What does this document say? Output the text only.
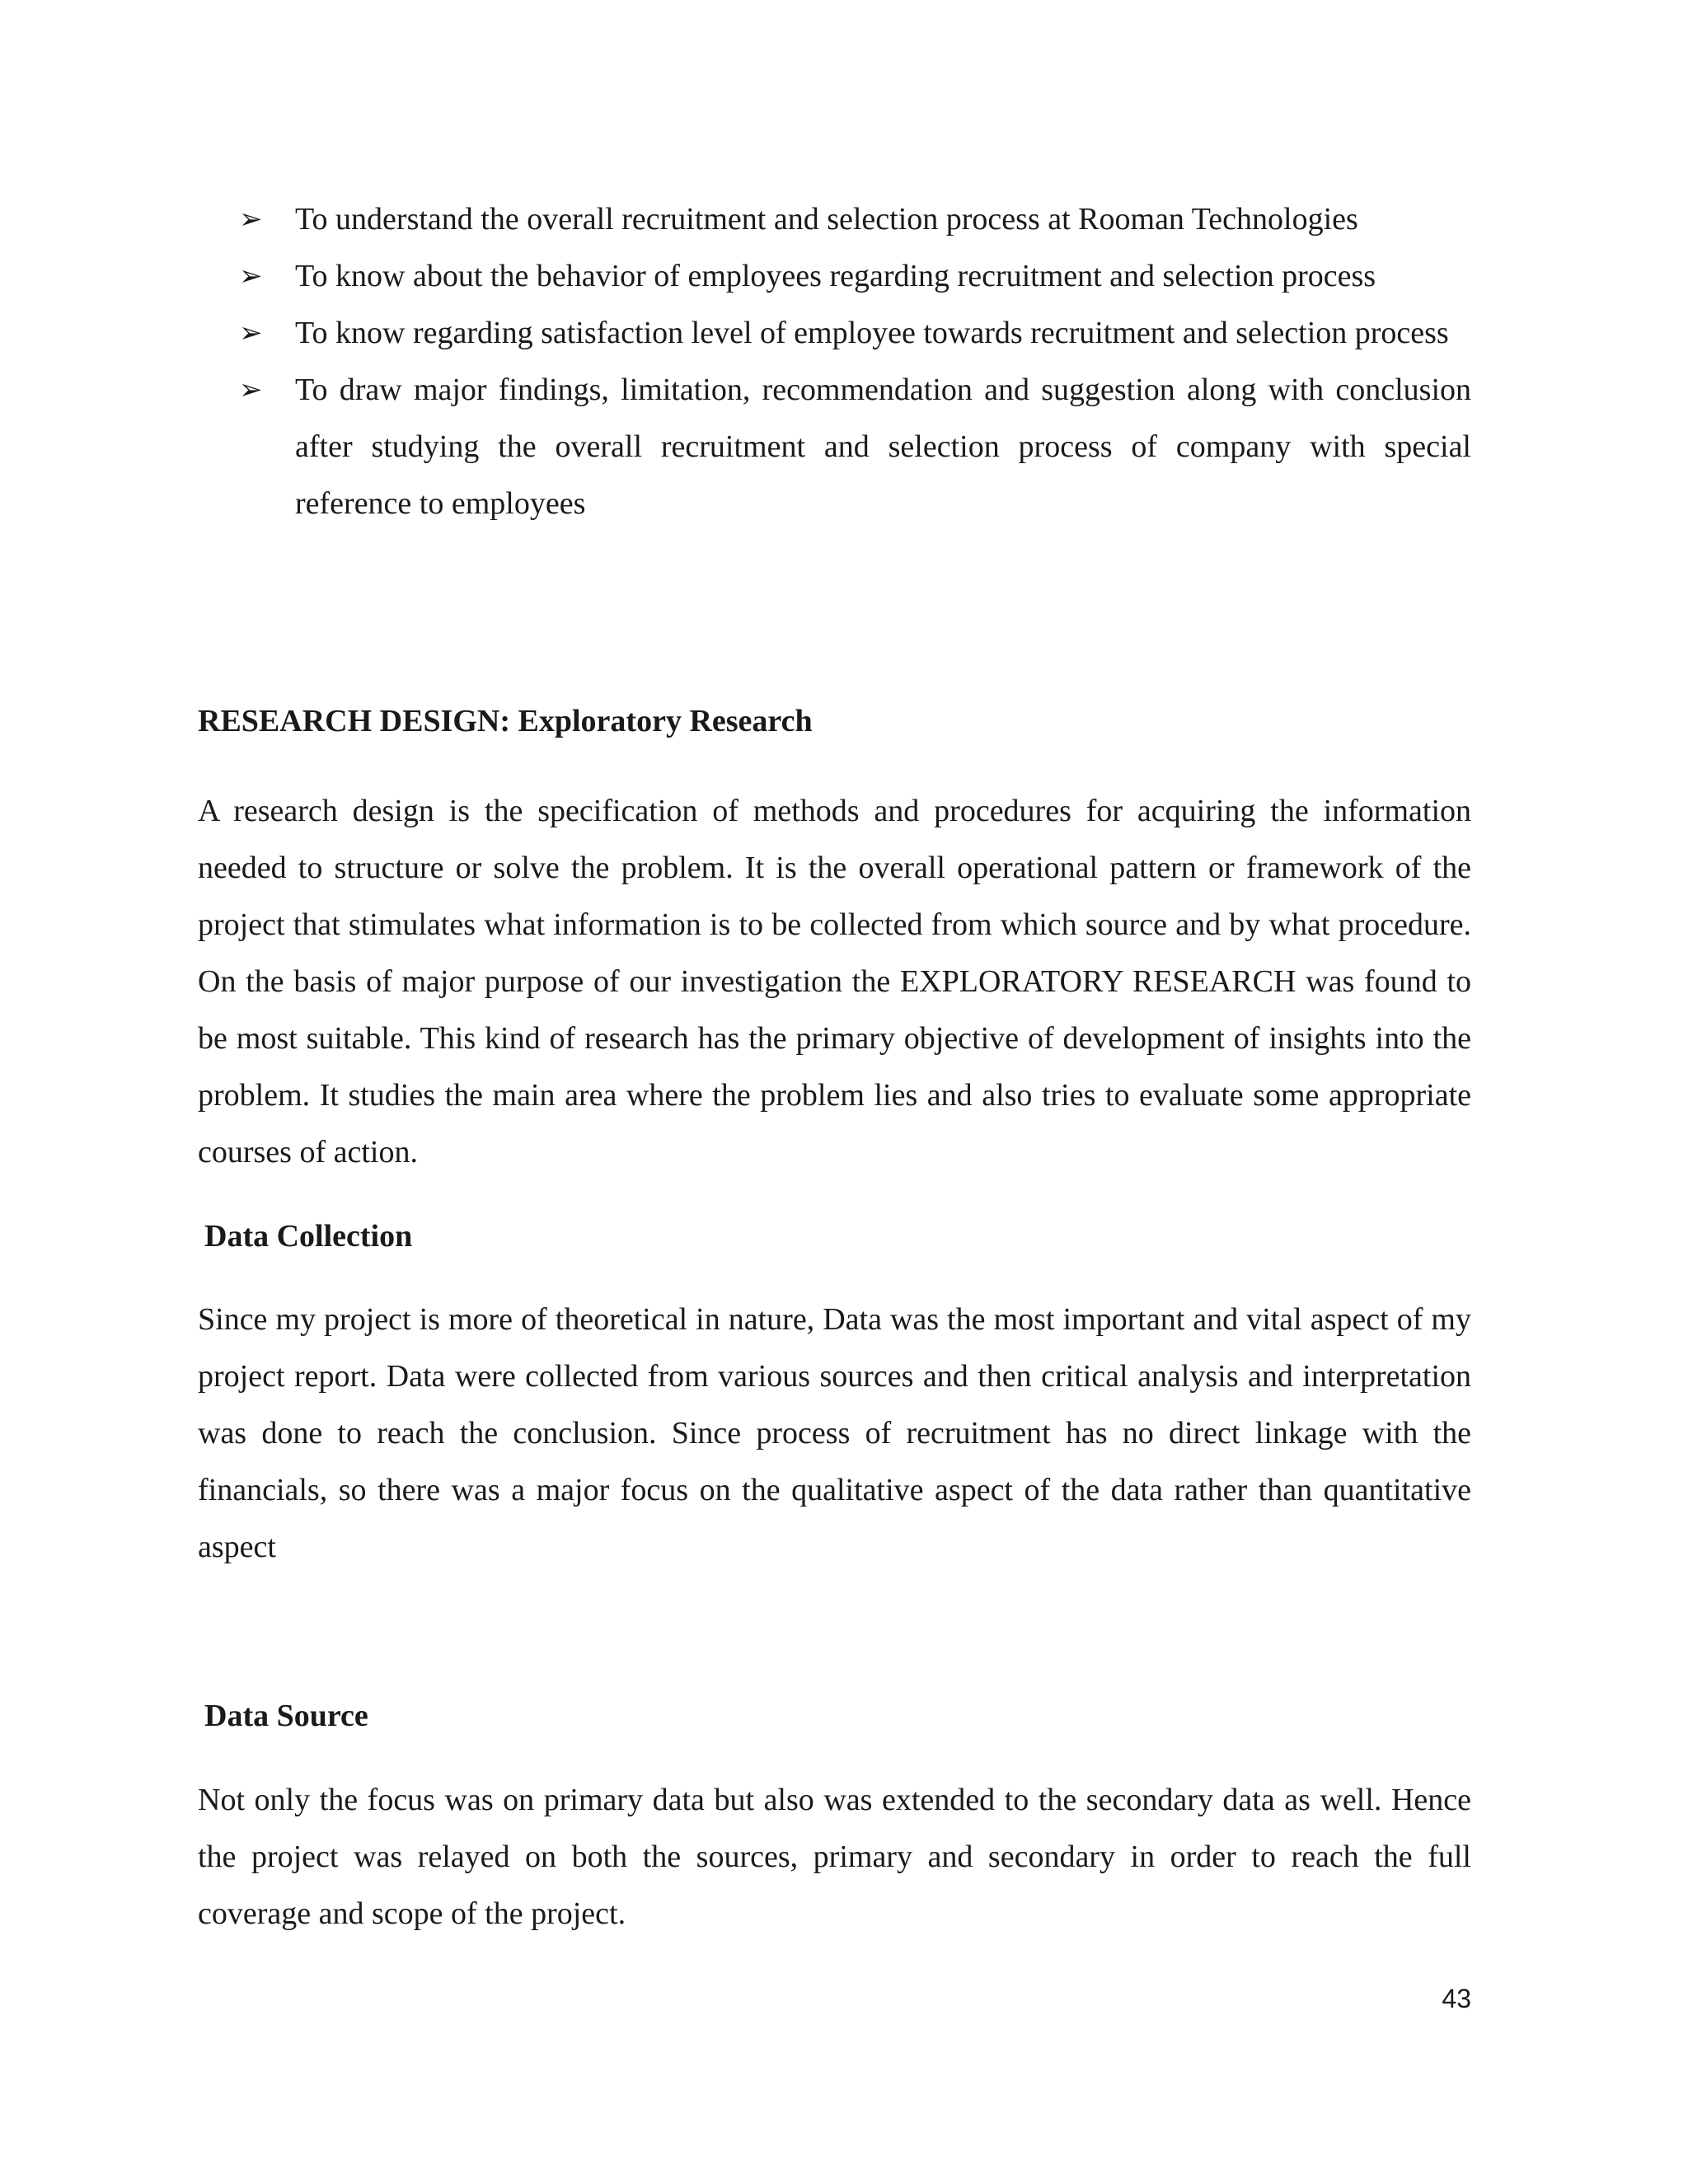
➢	To understand the overall recruitment and selection process at Rooman Technologies
➢	To know about the behavior of employees regarding recruitment and selection process
➢	To know regarding satisfaction level of employee towards recruitment and selection process
➢	To draw major findings, limitation, recommendation and suggestion along with conclusion after studying the overall recruitment and selection process of company with special reference to employees
RESEARCH DESIGN: Exploratory Research

A research design is the specification of methods and procedures for acquiring the information needed to structure or solve the problem. It is the overall operational pattern or framework of the project that stimulates what information is to be collected from which source and by what procedure. On the basis of major purpose of our investigation the EXPLORATORY RESEARCH was found to be most suitable. This kind of research has the primary objective of development of insights into the problem. It studies the main area where the problem lies and also tries to evaluate some appropriate courses of action.

Data Collection

Since my project is more of theoretical in nature, Data was the most important and vital aspect of my project report. Data were collected from various sources and then critical analysis and interpretation was done to reach the conclusion. Since process of recruitment has no direct linkage with the financials, so there was a major focus on the qualitative aspect of the data rather than quantitative aspect

Data Source

Not only the focus was on primary data but also was extended to the secondary data as well. Hence the project was relayed on both the sources, primary and secondary in order to reach the full coverage and scope of the project.

43
